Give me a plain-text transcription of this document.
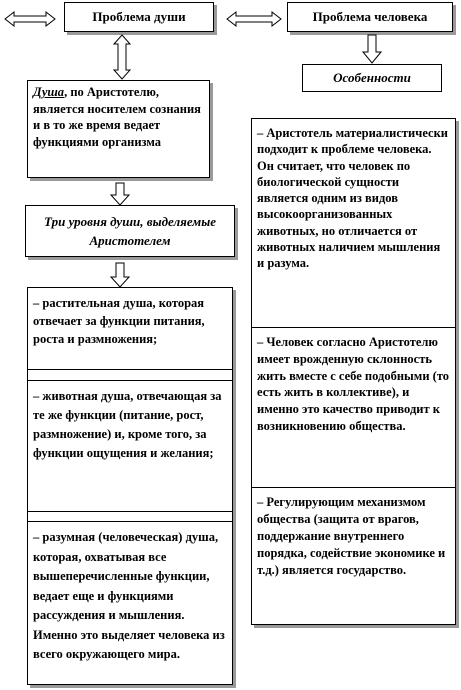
Проблема души	Проблема человека
Душа, по Аристотелю, является носителем сознания и в то же время ведает функциями организма
Особенности
Три уровня души, выделяемые Аристотелем
– растительная душа, которая отвечает за функции питания, роста и размножения;
– животная душа, отвечающая за те же функции (питание, рост, размножение) и, кроме того, за функции ощущения и желания;
– разумная (человеческая) душа, которая, охватывая все вышеперечисленные функции, ведает еще и функциями рассуждения и мышления. Именно это выделяет человека из всего окружающего мира.
– Аристотель материалистически подходит к проблеме человека. Он считает, что человек по биологической сущности является одним из видов высокоорганизованных животных, но отличается от животных наличием мышления и разума.
– Человек согласно Аристотелю имеет врожденную склонность жить вместе с себе подобными (то есть жить в коллективе), и именно это качество приводит к возникновению общества.
– Регулирующим механизмом общества (защита от врагов, поддержание внутреннего порядка, содействие экономике и т.д.) является государство.
